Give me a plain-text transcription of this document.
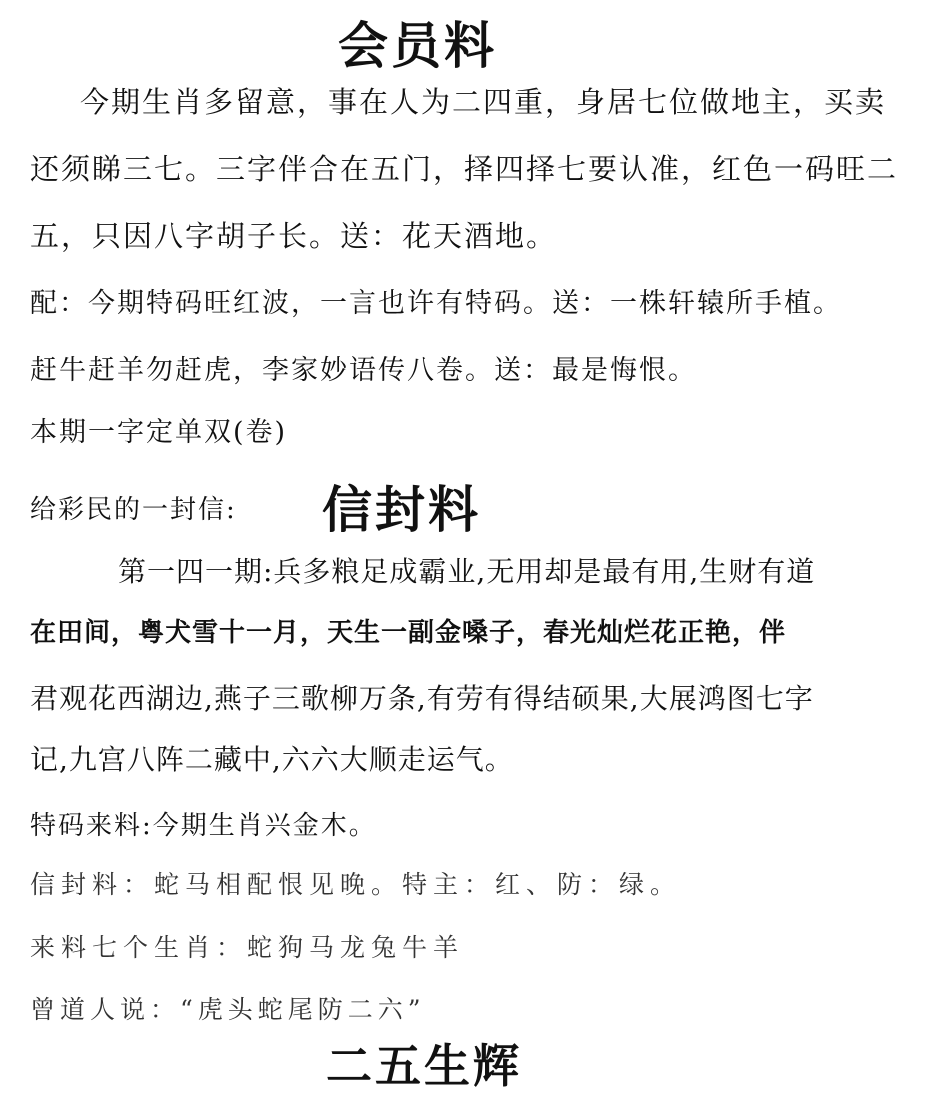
会员料
今期生肖多留意，事在人为二四重，身居七位做地主，买卖
还须睇三七。三字伴合在五门，择四择七要认准，红色一码旺二
五，只因八字胡子长。送：花天酒地。
配：今期特码旺红波，一言也许有特码。送：一株轩辕所手植。
赶牛赶羊勿赶虎，李家妙语传八卷。送：最是悔恨。
本期一字定单双(卷)
给彩民的一封信: 信封料
第一四一期:兵多粮足成霸业,无用却是最有用,生财有道
在田间，粤犬雪十一月，天生一副金嗓子，春光灿烂花正艳，伴
君观花西湖边,燕子三歌柳万条,有劳有得结硕果,大展鸿图七字
记,九宫八阵二藏中,六六大顺走运气。
特码来料:今期生肖兴金木。
信封料：蛇马相配恨见晚。特主：红、防：绿。
来料七个生肖：蛇狗马龙兔牛羊
曾道人说：“虎头蛇尾防二六”
二五生辉
